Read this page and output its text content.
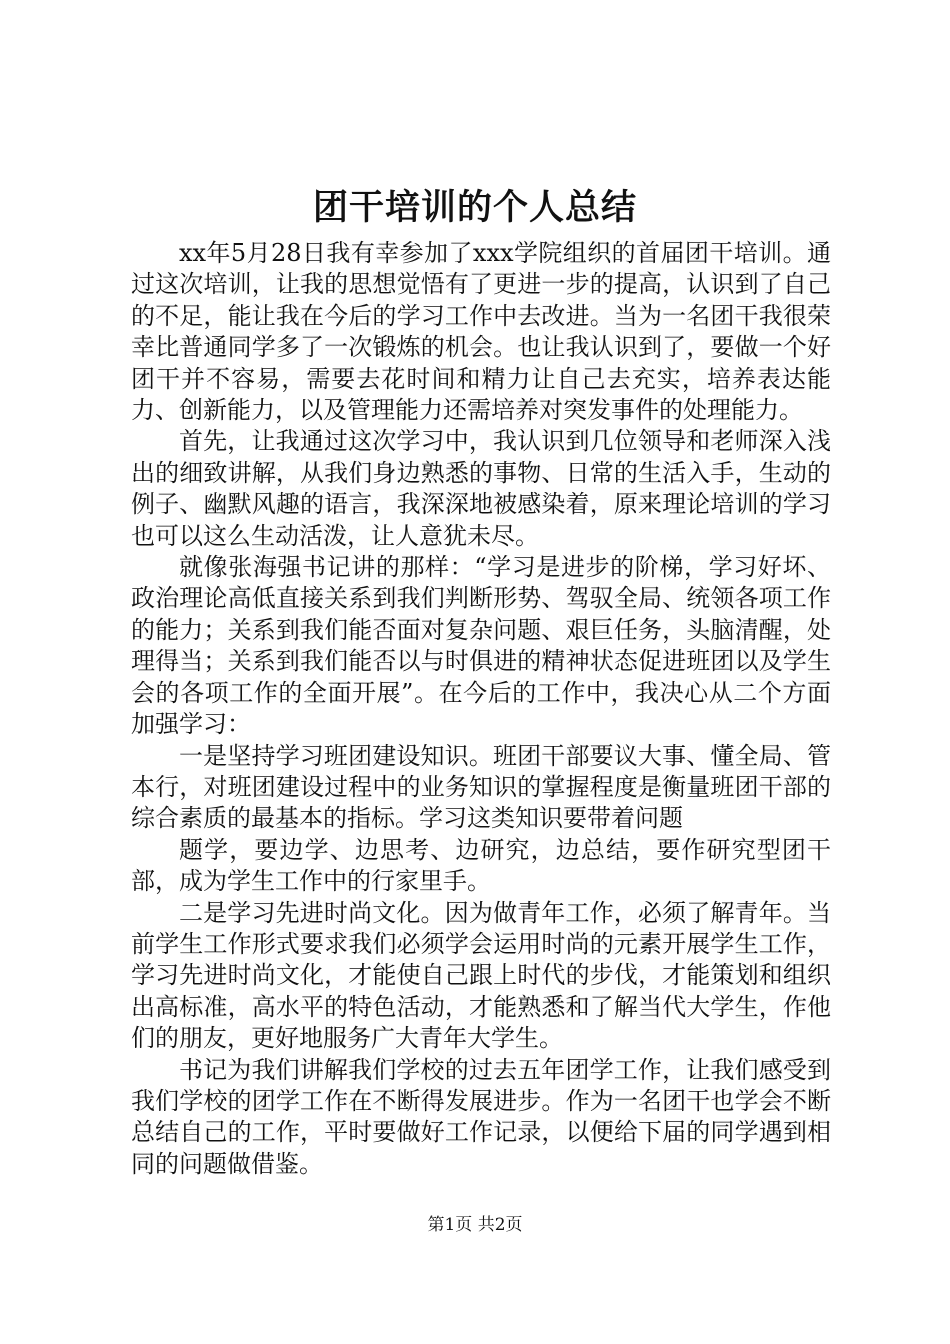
团干培训的个人总结

xx年5月28日我有幸参加了xxx学院组织的首届团干培训。通过这次培训，让我的思想觉悟有了更进一步的提高，认识到了自己的不足，能让我在今后的学习工作中去改进。当为一名团干我很荣幸比普通同学多了一次锻炼的机会。也让我认识到了，要做一个好团干并不容易，需要去花时间和精力让自己去充实，培养表达能力、创新能力，以及管理能力还需培养对突发事件的处理能力。

首先，让我通过这次学习中，我认识到几位领导和老师深入浅出的细致讲解，从我们身边熟悉的事物、日常的生活入手，生动的例子、幽默风趣的语言，我深深地被感染着，原来理论培训的学习也可以这么生动活泼，让人意犹未尽。

就像张海强书记讲的那样：“学习是进步的阶梯，学习好坏、政治理论高低直接关系到我们判断形势、驾驭全局、统领各项工作的能力；关系到我们能否面对复杂问题、艰巨任务，头脑清醒，处理得当；关系到我们能否以与时俱进的精神状态促进班团以及学生会的各项工作的全面开展”。在今后的工作中，我决心从二个方面加强学习：

一是坚持学习班团建设知识。班团干部要议大事、懂全局、管本行，对班团建设过程中的业务知识的掌握程度是衡量班团干部的综合素质的最基本的指标。学习这类知识要带着问题

题学，要边学、边思考、边研究，边总结，要作研究型团干部，成为学生工作中的行家里手。

二是学习先进时尚文化。因为做青年工作，必须了解青年。当前学生工作形式要求我们必须学会运用时尚的元素开展学生工作，学习先进时尚文化，才能使自己跟上时代的步伐，才能策划和组织出高标准，高水平的特色活动，才能熟悉和了解当代大学生，作他们的朋友，更好地服务广大青年大学生。

书记为我们讲解我们学校的过去五年团学工作，让我们感受到我们学校的团学工作在不断得发展进步。作为一名团干也学会不断总结自己的工作，平时要做好工作记录，以便给下届的同学遇到相同的问题做借鉴。

第1页 共2页
